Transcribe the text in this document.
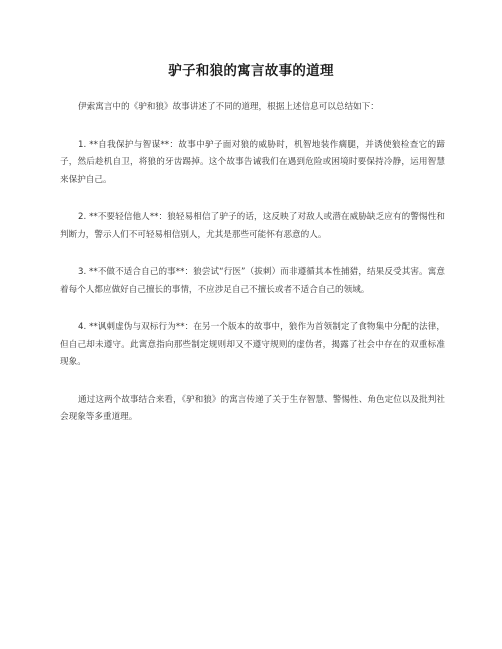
驴子和狼的寓言故事的道理

伊索寓言中的《驴和狼》故事讲述了不同的道理，根据上述信息可以总结如下：

1. **自我保护与智谋**：故事中驴子面对狼的威胁时，机智地装作瘸腿，并诱使狼检查它的蹄子，然后趁机自卫，将狼的牙齿踢掉。这个故事告诫我们在遇到危险或困境时要保持冷静，运用智慧来保护自己。

2. **不要轻信他人**：狼轻易相信了驴子的话，这反映了对敌人或潜在威胁缺乏应有的警惕性和判断力，警示人们不可轻易相信别人，尤其是那些可能怀有恶意的人。

3. **不做不适合自己的事**：狼尝试“行医”（拔刺）而非遵循其本性捕猎，结果反受其害。寓意着每个人都应做好自己擅长的事情，不应涉足自己不擅长或者不适合自己的领域。

4. **讽刺虚伪与双标行为**：在另一个版本的故事中，狼作为首领制定了食物集中分配的法律，但自己却未遵守。此寓意指向那些制定规则却又不遵守规则的虚伪者，揭露了社会中存在的双重标准现象。

通过这两个故事结合来看，《驴和狼》的寓言传递了关于生存智慧、警惕性、角色定位以及批判社会现象等多重道理。
